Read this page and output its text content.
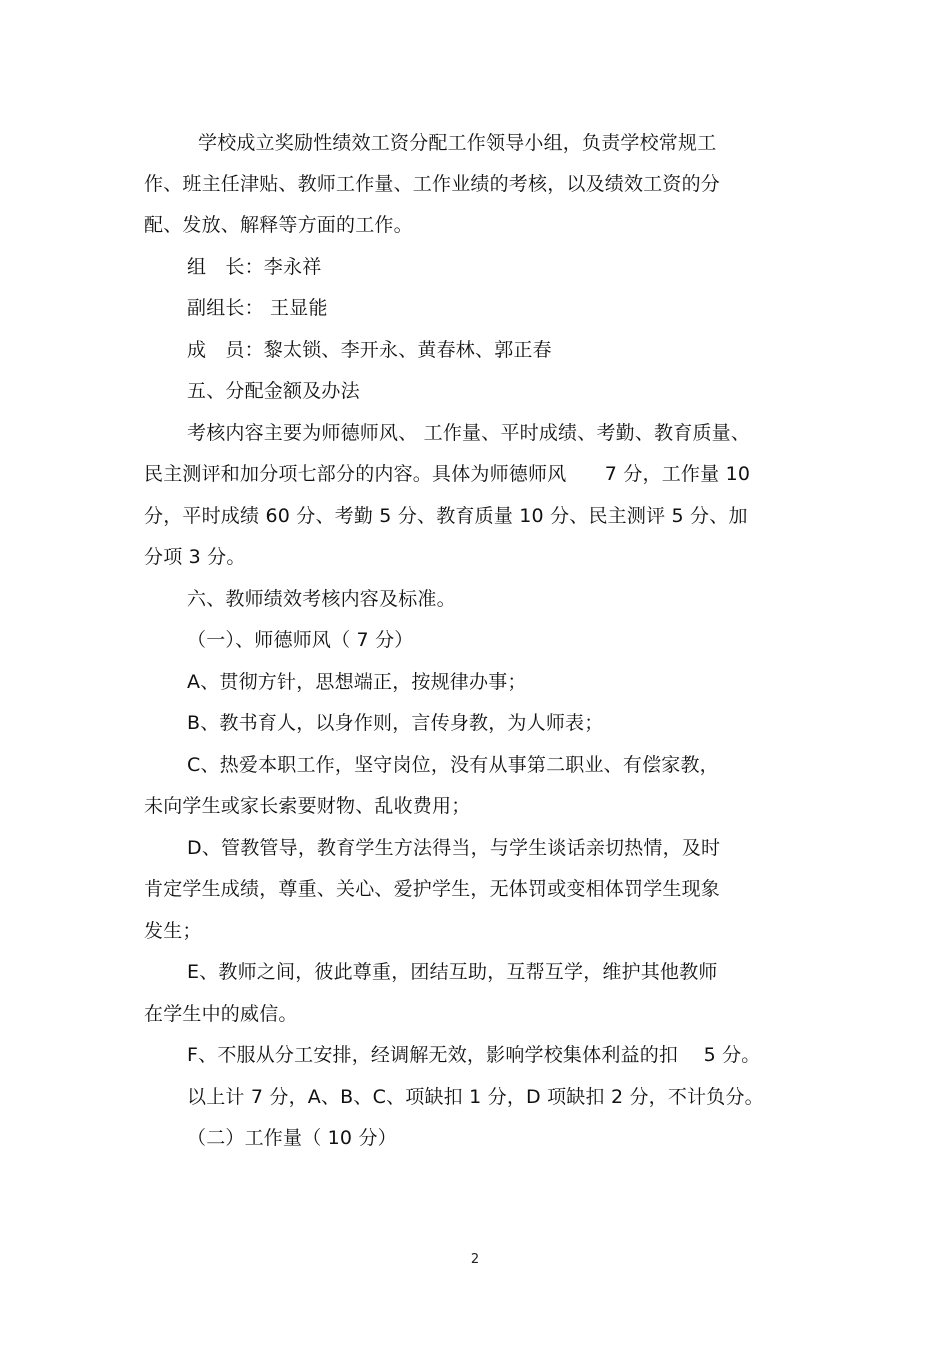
学校成立奖励性绩效工资分配工作领导小组，负责学校常规工
作、班主任津贴、教师工作量、工作业绩的考核，以及绩效工资的分
配、发放、解释等方面的工作。
组　长：李永祥
副组长： 王显能
成　员：黎太锁、李开永、黄春林、郭正春
五、分配金额及办法
考核内容主要为师德师风、 工作量、平时成绩、考勤、教育质量、
民主测评和加分项七部分的内容。具体为师德师风　　7 分，工作量 10
分，平时成绩 60 分、考勤 5 分、教育质量 10 分、民主测评 5 分、加
分项 3 分。
六、教师绩效考核内容及标准。
（一）、师德师风（ 7 分）
A、贯彻方针，思想端正，按规律办事；
B、教书育人，以身作则，言传身教，为人师表；
C、热爱本职工作，坚守岗位，没有从事第二职业、有偿家教，
未向学生或家长索要财物、乱收费用；
D、管教管导，教育学生方法得当，与学生谈话亲切热情，及时
肯定学生成绩，尊重、关心、爱护学生，无体罚或变相体罚学生现象
发生；
E、教师之间，彼此尊重，团结互助，互帮互学，维护其他教师
在学生中的威信。
F、不服从分工安排，经调解无效，影响学校集体利益的扣　 5 分。
以上计 7 分，A、B、C、项缺扣 1 分，D 项缺扣 2 分，不计负分。
（二）工作量（ 10 分）
2
